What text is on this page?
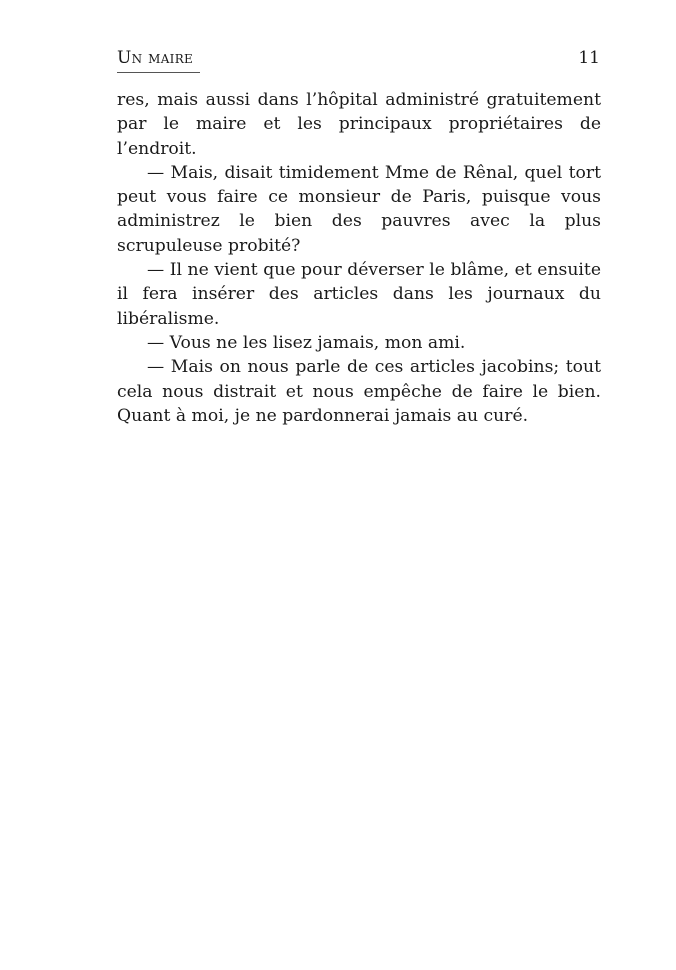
Un maire	11

res, mais aussi dans l’hôpital administré gratuitement par le maire et les principaux propriétaires de l’endroit.

— Mais, disait timidement Mme de Rênal, quel tort peut vous faire ce monsieur de Paris, puisque vous administrez le bien des pauvres avec la plus scrupuleuse probité?

— Il ne vient que pour déverser le blâme, et ensuite il fera insérer des articles dans les journaux du libéralisme.

— Vous ne les lisez jamais, mon ami.

— Mais on nous parle de ces articles jacobins; tout cela nous distrait et nous empêche de faire le bien. Quant à moi, je ne pardonnerai jamais au curé.
